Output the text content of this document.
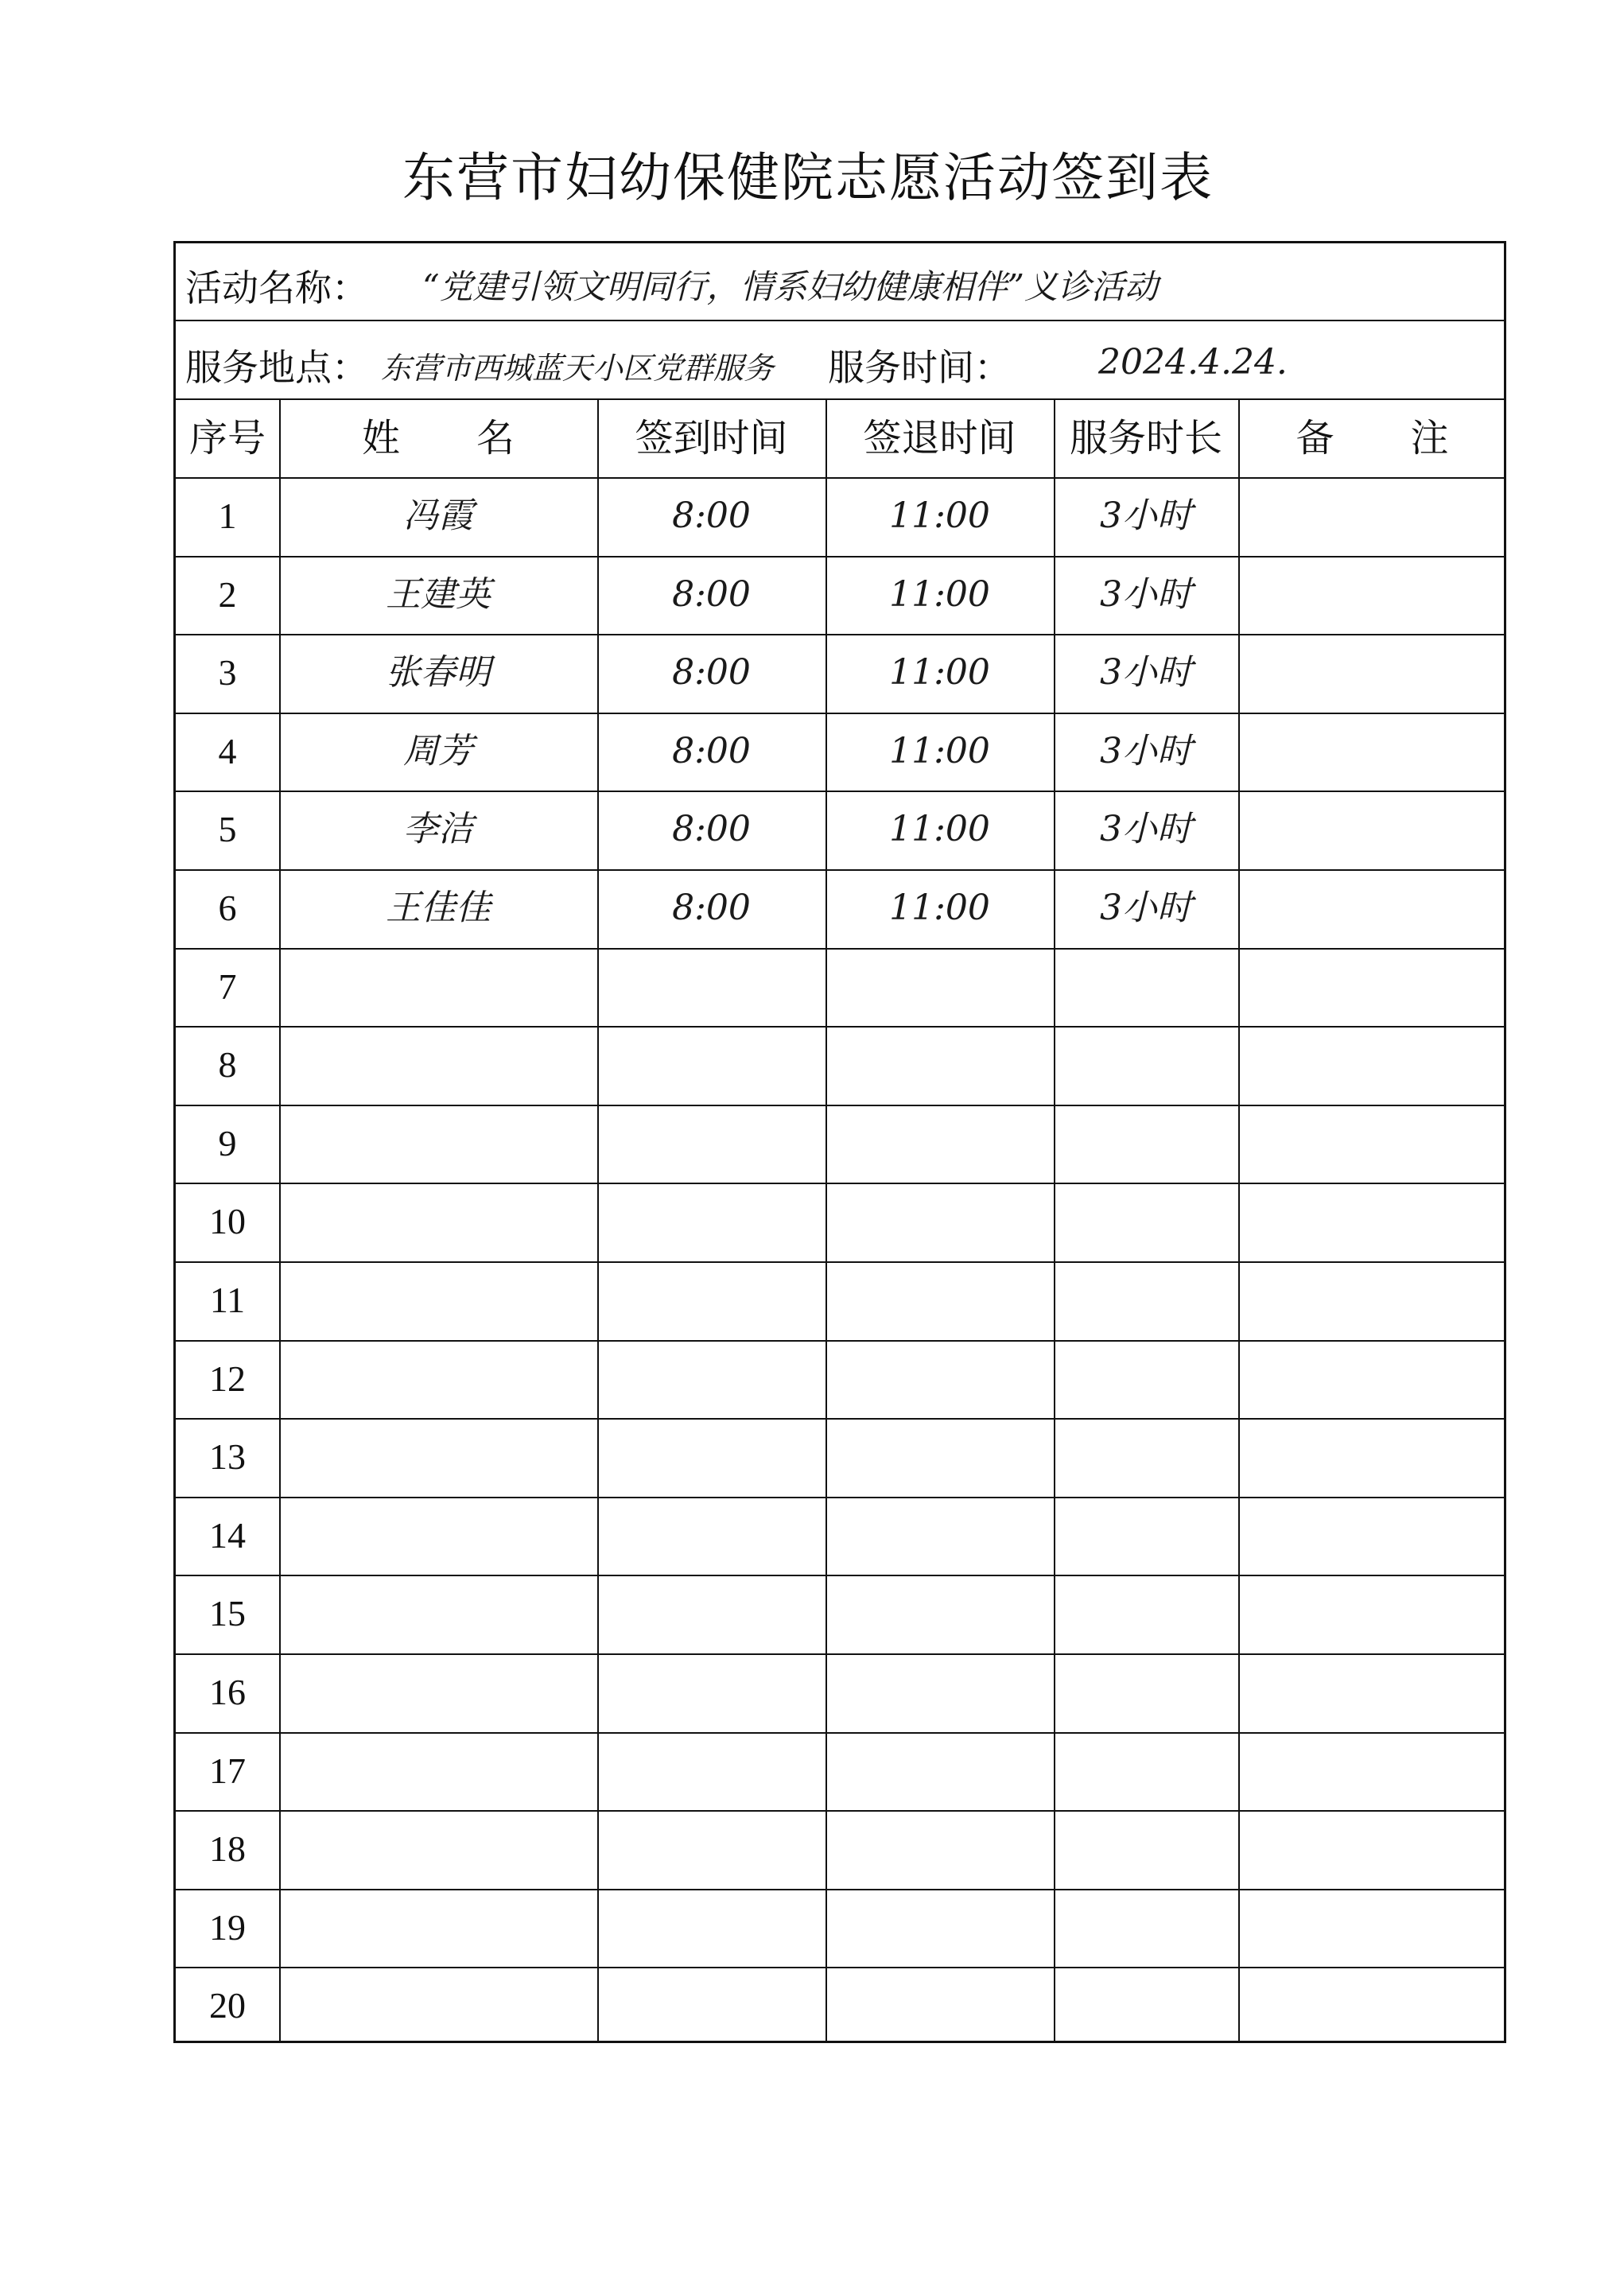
东营市妇幼保健院志愿活动签到表
活动名称： “党建引领文明同行，情系妇幼健康相伴”义诊活动
服务地点： 东营市西城蓝天小区党群服务 服务时间：	2024.4.24.
序号	姓　　名	签到时间	签退时间	服务时长	备　　注
1	冯霞	8:00	11:00	3小时
2	王建英	8:00	11:00	3小时
3	张春明	8:00	11:00	3小时
4	周芳	8:00	11:00	3小时
5	李洁	8:00	11:00	3小时
6	王佳佳	8:00	11:00	3小时
7
8
9
10
11
12
13
14
15
16
17
18
19
20
